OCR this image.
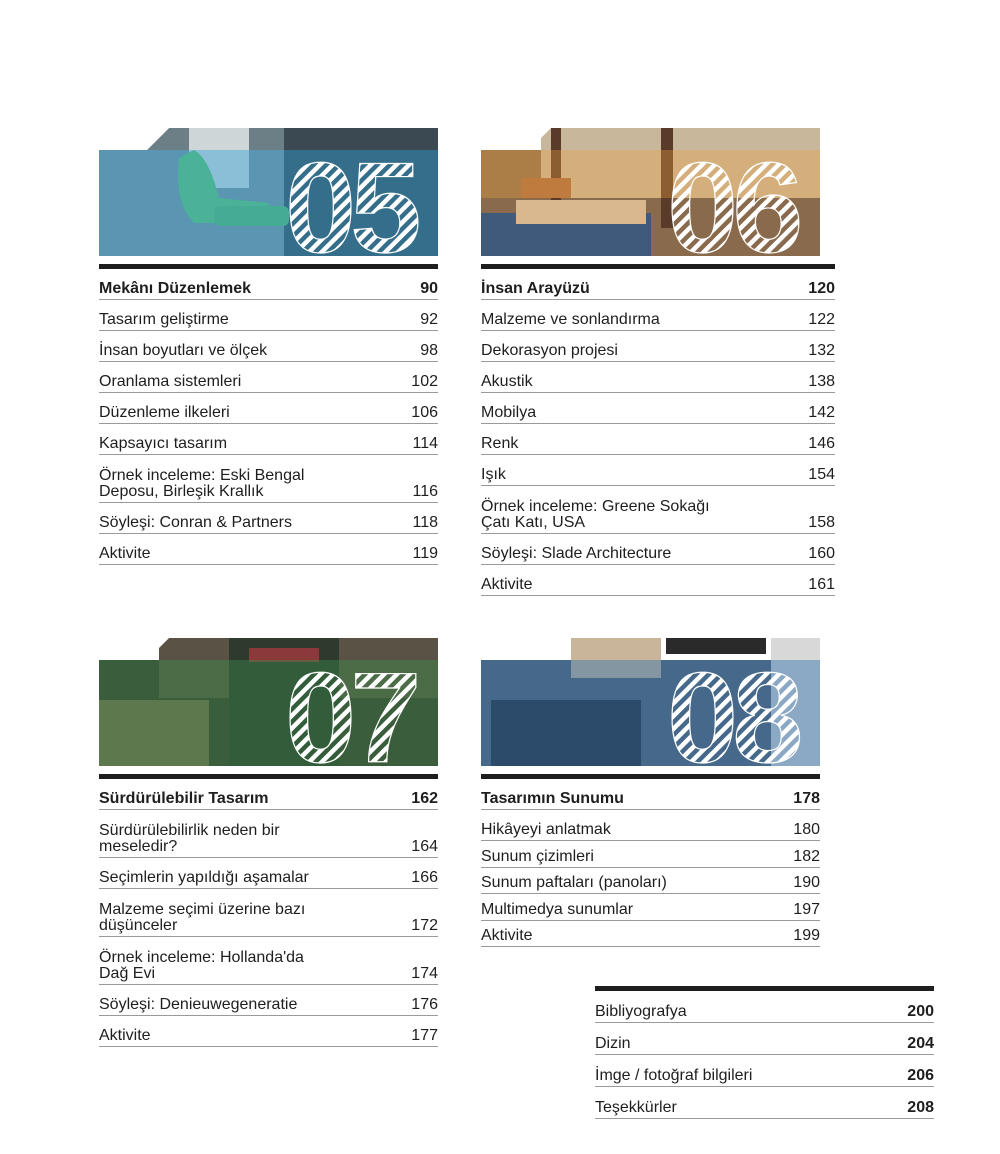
05
Mekânı Düzenlemek	90
Tasarım geliştirme	92
İnsan boyutları ve ölçek	98
Oranlama sistemleri	102
Düzenleme ilkeleri	106
Kapsayıcı tasarım	114
Örnek inceleme: Eski Bengal
Deposu, Birleşik Krallık	116
Söyleşi: Conran & Partners	118
Aktivite	119
06
İnsan Arayüzü	120
Malzeme ve sonlandırma	122
Dekorasyon projesi	132
Akustik	138
Mobilya	142
Renk	146
Işık	154
Örnek inceleme: Greene Sokağı
Çatı Katı, USA	158
Söyleşi: Slade Architecture	160
Aktivite	161
07
Sürdürülebilir Tasarım	162
Sürdürülebilirlik neden bir
meseledir?	164
Seçimlerin yapıldığı aşamalar	166
Malzeme seçimi üzerine bazı
düşünceler	172
Örnek inceleme: Hollanda'da
Dağ Evi	174
Söyleşi: Denieuwegeneratie	176
Aktivite	177
08
Tasarımın Sunumu	178
Hikâyeyi anlatmak	180
Sunum çizimleri	182
Sunum paftaları (panoları)	190
Multimedya sunumlar	197
Aktivite	199
Bibliyografya	200
Dizin	204
İmge / fotoğraf bilgileri	206
Teşekkürler	208
